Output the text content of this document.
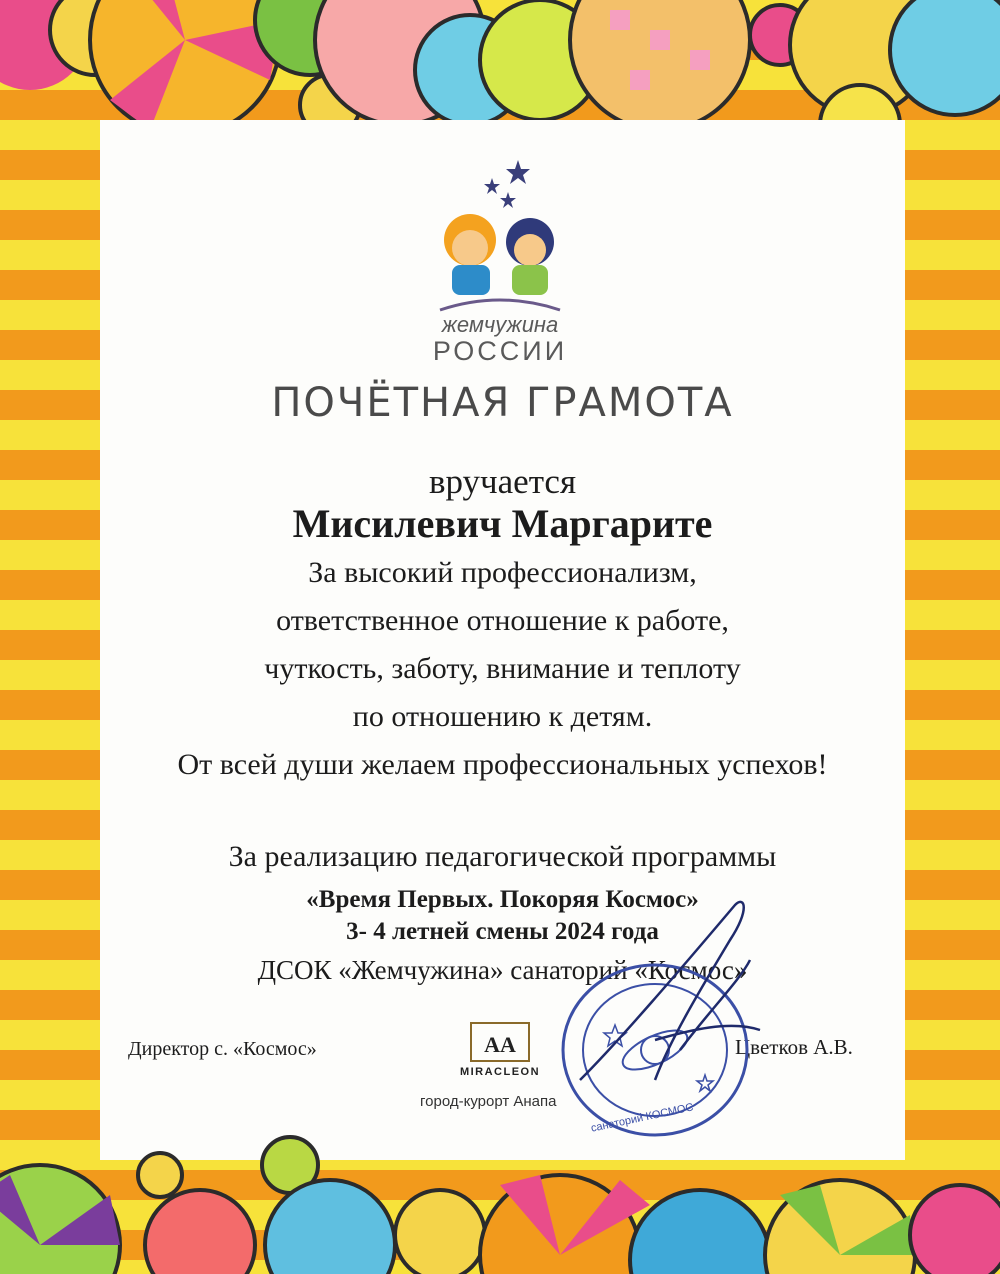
жемчужина
РОССИИ
ПОЧЁТНАЯ ГРАМОТА

вручается

Мисилевич Маргарите

За высокий профессионализм,

ответственное отношение к работе,

чуткость, заботу, внимание и теплоту

по отношению к детям.

От всей души желаем профессиональных успехов!

За реализацию педагогической программы

«Время Первых. Покоряя Космос»

3- 4 летней смены 2024 года

ДСОК «Жемчужина» санаторий «Космос»

Директор с. «Космос»	Цветков А.В.
AA
MIRACLEON
город-курорт Анапа	санаторий КОСМОС
